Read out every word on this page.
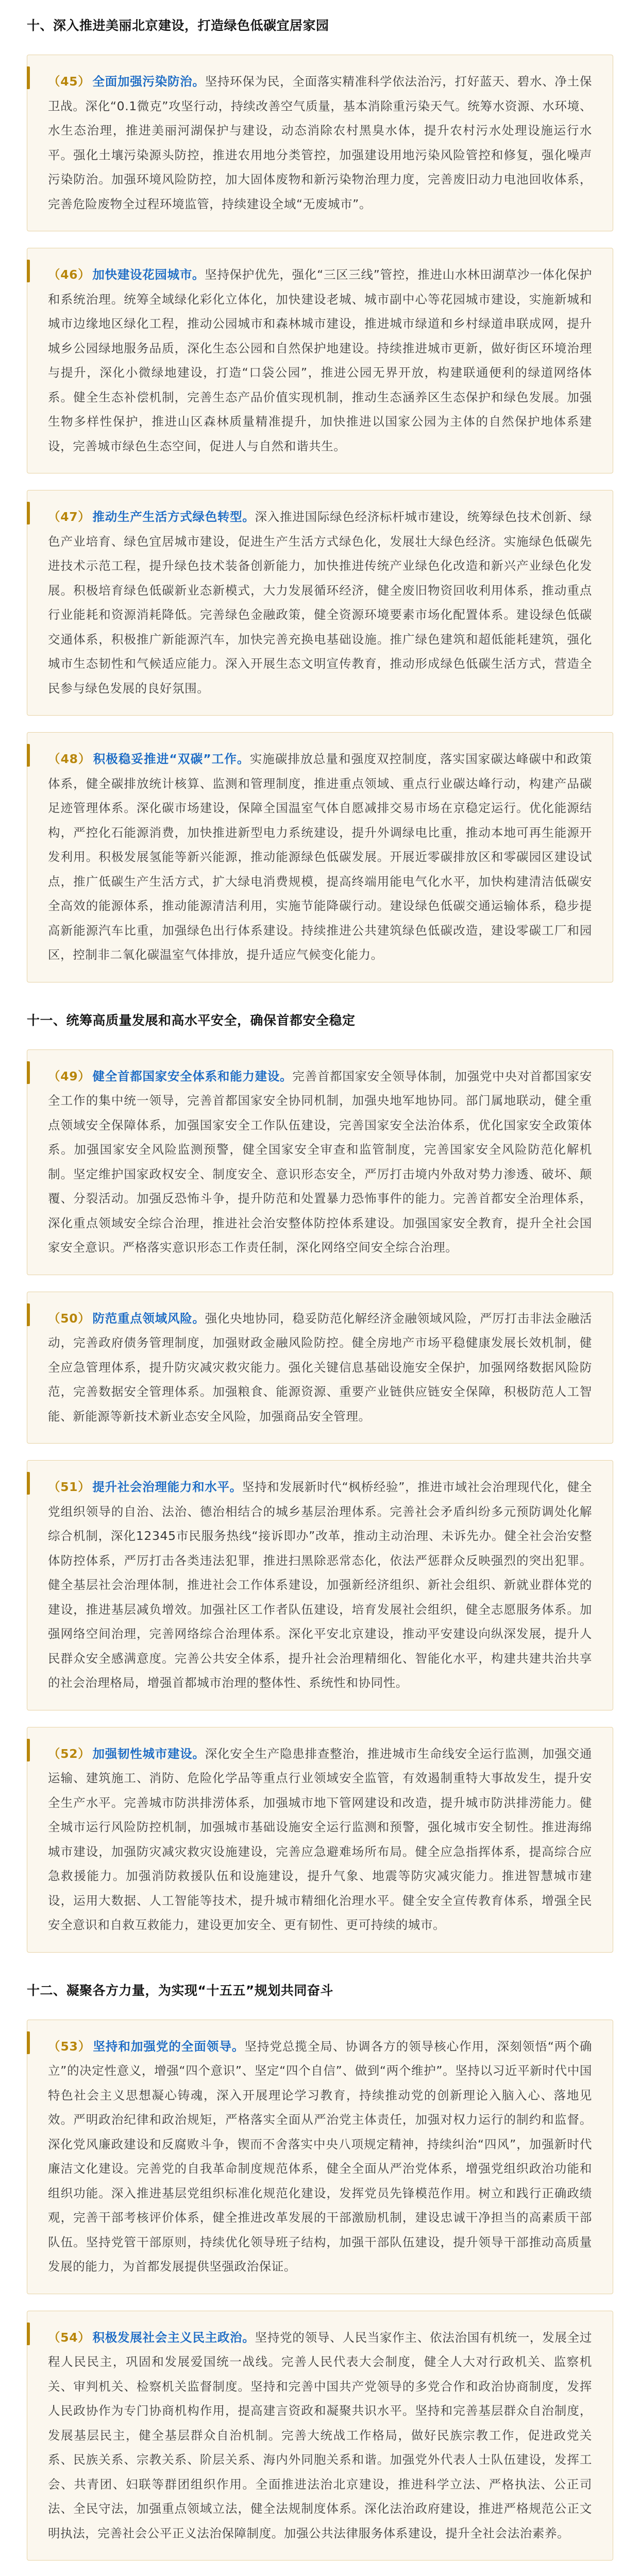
十、深入推进美丽北京建设，打造绿色低碳宜居家园

（45） 全面加强污染防治。坚持环保为民，全面落实精准科学依法治污，打好蓝天、碧水、净土保卫战。深化“0.1微克”攻坚行动，持续改善空气质量，基本消除重污染天气。统筹水资源、水环境、水生态治理，推进美丽河湖保护与建设，动态消除农村黑臭水体，提升农村污水处理设施运行水平。强化土壤污染源头防控，推进农用地分类管控，加强建设用地污染风险管控和修复，强化噪声污染防治。加强环境风险防控，加大固体废物和新污染物治理力度，完善废旧动力电池回收体系，完善危险废物全过程环境监管，持续建设全域“无废城市”。

（46） 加快建设花园城市。坚持保护优先，强化“三区三线”管控，推进山水林田湖草沙一体化保护和系统治理。统筹全域绿化彩化立体化，加快建设老城、城市副中心等花园城市建设，实施新城和城市边缘地区绿化工程，推动公园城市和森林城市建设，推进城市绿道和乡村绿道串联成网，提升城乡公园绿地服务品质，深化生态公园和自然保护地建设。持续推进城市更新，做好街区环境治理与提升，深化小微绿地建设，打造“口袋公园”，推进公园无界开放，构建联通便利的绿道网络体系。健全生态补偿机制，完善生态产品价值实现机制，推动生态涵养区生态保护和绿色发展。加强生物多样性保护，推进山区森林质量精准提升，加快推进以国家公园为主体的自然保护地体系建设，完善城市绿色生态空间，促进人与自然和谐共生。

（47） 推动生产生活方式绿色转型。深入推进国际绿色经济标杆城市建设，统筹绿色技术创新、绿色产业培育、绿色宜居城市建设，促进生产生活方式绿色化，发展壮大绿色经济。实施绿色低碳先进技术示范工程，提升绿色技术装备创新能力，加快推进传统产业绿色化改造和新兴产业绿色化发展。积极培育绿色低碳新业态新模式，大力发展循环经济，健全废旧物资回收利用体系，推动重点行业能耗和资源消耗降低。完善绿色金融政策，健全资源环境要素市场化配置体系。建设绿色低碳交通体系，积极推广新能源汽车，加快完善充换电基础设施。推广绿色建筑和超低能耗建筑，强化城市生态韧性和气候适应能力。深入开展生态文明宣传教育，推动形成绿色低碳生活方式，营造全民参与绿色发展的良好氛围。

（48） 积极稳妥推进“双碳”工作。实施碳排放总量和强度双控制度，落实国家碳达峰碳中和政策体系，健全碳排放统计核算、监测和管理制度，推进重点领域、重点行业碳达峰行动，构建产品碳足迹管理体系。深化碳市场建设，保障全国温室气体自愿减排交易市场在京稳定运行。优化能源结构，严控化石能源消费，加快推进新型电力系统建设，提升外调绿电比重，推动本地可再生能源开发利用。积极发展氢能等新兴能源，推动能源绿色低碳发展。开展近零碳排放区和零碳园区建设试点，推广低碳生产生活方式，扩大绿电消费规模，提高终端用能电气化水平，加快构建清洁低碳安全高效的能源体系，推动能源清洁利用，实施节能降碳行动。建设绿色低碳交通运输体系，稳步提高新能源汽车比重，加强绿色出行体系建设。持续推进公共建筑绿色低碳改造，建设零碳工厂和园区，控制非二氧化碳温室气体排放，提升适应气候变化能力。

十一、统筹高质量发展和高水平安全，确保首都安全稳定

（49） 健全首都国家安全体系和能力建设。完善首都国家安全领导体制，加强党中央对首都国家安全工作的集中统一领导，完善首都国家安全协同机制，加强央地军地协同。部门属地联动，健全重点领域安全保障体系，加强国家安全工作队伍建设，完善国家安全法治体系，优化国家安全政策体系。加强国家安全风险监测预警，健全国家安全审查和监管制度，完善国家安全风险防范化解机制。坚定维护国家政权安全、制度安全、意识形态安全，严厉打击境内外敌对势力渗透、破坏、颠覆、分裂活动。加强反恐怖斗争，提升防范和处置暴力恐怖事件的能力。完善首都安全治理体系，深化重点领域安全综合治理，推进社会治安整体防控体系建设。加强国家安全教育，提升全社会国家安全意识。严格落实意识形态工作责任制，深化网络空间安全综合治理。

（50） 防范重点领域风险。强化央地协同，稳妥防范化解经济金融领域风险，严厉打击非法金融活动，完善政府债务管理制度，加强财政金融风险防控。健全房地产市场平稳健康发展长效机制，健全应急管理体系，提升防灾减灾救灾能力。强化关键信息基础设施安全保护，加强网络数据风险防范，完善数据安全管理体系。加强粮食、能源资源、重要产业链供应链安全保障，积极防范人工智能、新能源等新技术新业态安全风险，加强商品安全管理。

（51） 提升社会治理能力和水平。坚持和发展新时代“枫桥经验”，推进市域社会治理现代化，健全党组织领导的自治、法治、德治相结合的城乡基层治理体系。完善社会矛盾纠纷多元预防调处化解综合机制，深化12345市民服务热线“接诉即办”改革，推动主动治理、未诉先办。健全社会治安整体防控体系，严厉打击各类违法犯罪，推进扫黑除恶常态化，依法严惩群众反映强烈的突出犯罪。健全基层社会治理体制，推进社会工作体系建设，加强新经济组织、新社会组织、新就业群体党的建设，推进基层减负增效。加强社区工作者队伍建设，培育发展社会组织，健全志愿服务体系。加强网络空间治理，完善网络综合治理体系。深化平安北京建设，推动平安建设向纵深发展，提升人民群众安全感满意度。完善公共安全体系，提升社会治理精细化、智能化水平，构建共建共治共享的社会治理格局，增强首都城市治理的整体性、系统性和协同性。

（52） 加强韧性城市建设。深化安全生产隐患排查整治，推进城市生命线安全运行监测，加强交通运输、建筑施工、消防、危险化学品等重点行业领域安全监管，有效遏制重特大事故发生，提升安全生产水平。完善城市防洪排涝体系，加强城市地下管网建设和改造，提升城市防洪排涝能力。健全城市运行风险防控机制，加强城市基础设施安全运行监测和预警，强化城市安全韧性。推进海绵城市建设，加强防灾减灾救灾设施建设，完善应急避难场所布局。健全应急指挥体系，提高综合应急救援能力。加强消防救援队伍和设施建设，提升气象、地震等防灾减灾能力。推进智慧城市建设，运用大数据、人工智能等技术，提升城市精细化治理水平。健全安全宣传教育体系，增强全民安全意识和自救互救能力，建设更加安全、更有韧性、更可持续的城市。

十二、凝聚各方力量，为实现“十五五”规划共同奋斗

（53） 坚持和加强党的全面领导。坚持党总揽全局、协调各方的领导核心作用，深刻领悟“两个确立”的决定性意义，增强“四个意识”、坚定“四个自信”、做到“两个维护”。坚持以习近平新时代中国特色社会主义思想凝心铸魂，深入开展理论学习教育，持续推动党的创新理论入脑入心、落地见效。严明政治纪律和政治规矩，严格落实全面从严治党主体责任，加强对权力运行的制约和监督。深化党风廉政建设和反腐败斗争，锲而不舍落实中央八项规定精神，持续纠治“四风”，加强新时代廉洁文化建设。完善党的自我革命制度规范体系，健全全面从严治党体系，增强党组织政治功能和组织功能。深入推进基层党组织标准化规范化建设，发挥党员先锋模范作用。树立和践行正确政绩观，完善干部考核评价体系，健全推进改革发展的干部激励机制，建设忠诚干净担当的高素质干部队伍。坚持党管干部原则，持续优化领导班子结构，加强干部队伍建设，提升领导干部推动高质量发展的能力，为首都发展提供坚强政治保证。

（54） 积极发展社会主义民主政治。坚持党的领导、人民当家作主、依法治国有机统一，发展全过程人民民主，巩固和发展爱国统一战线。完善人民代表大会制度，健全人大对行政机关、监察机关、审判机关、检察机关监督制度。坚持和完善中国共产党领导的多党合作和政治协商制度，发挥人民政协作为专门协商机构作用，提高建言资政和凝聚共识水平。坚持和完善基层群众自治制度，发展基层民主，健全基层群众自治机制。完善大统战工作格局，做好民族宗教工作，促进政党关系、民族关系、宗教关系、阶层关系、海内外同胞关系和谐。加强党外代表人士队伍建设，发挥工会、共青团、妇联等群团组织作用。全面推进法治北京建设，推进科学立法、严格执法、公正司法、全民守法，加强重点领域立法，健全法规制度体系。深化法治政府建设，推进严格规范公正文明执法，完善社会公平正义法治保障制度。加强公共法律服务体系建设，提升全社会法治素养。
